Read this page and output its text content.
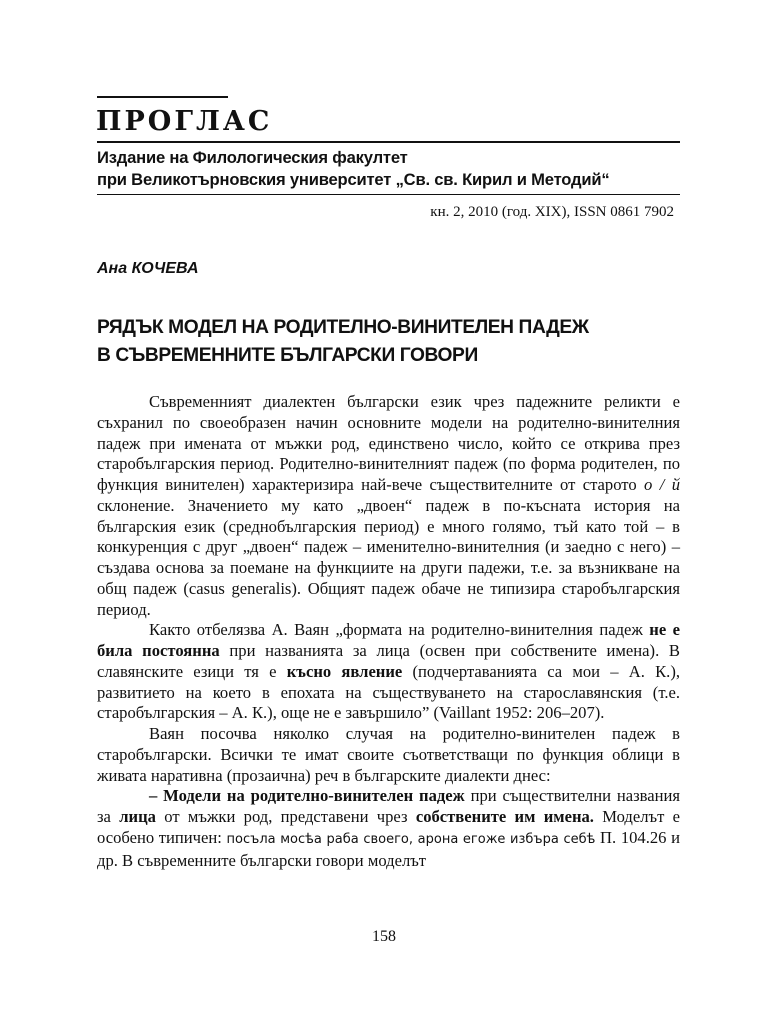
ПРОГЛАС
Издание на Филологическия факултет
при Великотърновския университет „Св. св. Кирил и Методий“
кн. 2, 2010 (год. XIX), ISSN 0861 7902
Ана КОЧЕВА
РЯДЪК МОДЕЛ НА РОДИТЕЛНО-ВИНИТЕЛЕН ПАДЕЖ
В СЪВРЕМЕННИТЕ БЪЛГАРСКИ ГОВОРИ

Съвременният диалектен български език чрез падежните реликти е съхранил по своеобразен начин основните модели на родително-винителния падеж при имената от мъжки род, единствено число, който се открива през старобългарския период. Родително-винителният падеж (по форма родителен, по функция винителен) характеризира най-вече съществителните от старото о / й склонение. Значението му като „двоен“ падеж в по-късната история на българския език (среднобългарския период) е много голямо, тъй като той – в конкуренция с друг „двоен“ падеж – именително-винителния (и заедно с него) – създава основа за поемане на функциите на други падежи, т.е. за възникване на общ падеж (casus generalis). Общият падеж обаче не типизира старобългарския период.

Както отбелязва А. Ваян „формата на родително-винителния падеж не е била постоянна при названията за лица (освен при собствените имена). В славянските езици тя е късно явление (подчертаванията са мои – А. К.), развитието на което в епохата на съществуването на старославянския (т.е. старобългарския – А. К.), още не е завършило” (Vaillant 1952: 206–207).

Ваян посочва няколко случая на родително-винителен падеж в старобългарски. Всички те имат своите съответстващи по функция облици в живата наративна (прозаична) реч в българските диалекти днес:

– Модели на родително-винителен падеж при съществителни названия за лица от мъжки род, представени чрез собствените им имена. Моделът е особено типичен: посъла мосѣа раба своего, арона егоже избъра себѣ П. 104.26 и др. В съвременните български говори моделът

158
